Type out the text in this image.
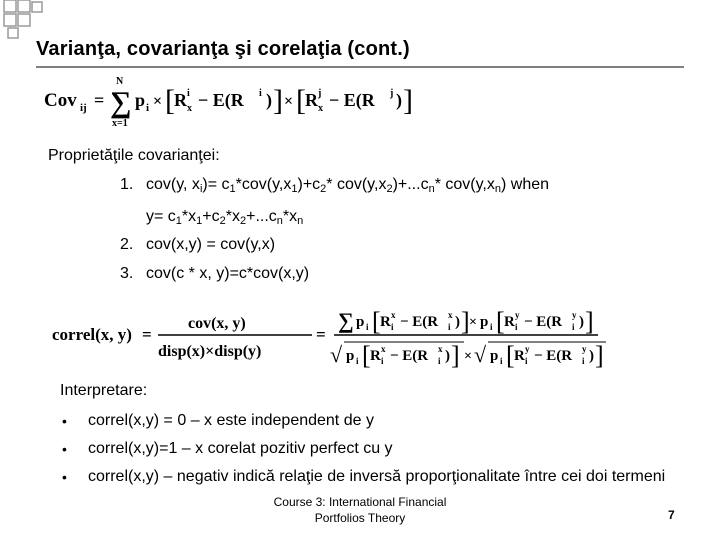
Varianţa, covarianţa şi corelaţia (cont.)
Cov ij =
N
∑
x=1
p i × [ R i
x − E(R i ) ] × [ R j
x − E(R j ) ]
Proprietăţile covarianţei:
1. cov(y, $x_i)= c_1*cov(y,x_1)+c_2*$ $cov(y,x_2)+...c_n*$ $cov(y,x_n)$ when
$y= c_1*x_1+c_2*x_2+...c_n*x_n$
2. cov(x,y) = cov(y,x)
3. cov(c * x, y)=c*cov(x,y)
correl(x, y) =
cov(x, y)
disp(x)×disp(y)
=
∑ p i [ R x
i − E(R x
i ) ] × p i [ R y
i − E(R y
i ) ]
√ p i [ R x
i − E(R x
i ) ] × √ p i [ R y
i − E(R y
i ) ]
Interpretare:
• correl(x,y) = 0 – x este independent de y
• correl(x,y)=1 – x corelat pozitiv perfect cu y
• correl(x,y) – negativ indică relaţie de inversă proporţionalitate între cei doi termeni
Course 3: International Financial
Portfolios Theory	7
